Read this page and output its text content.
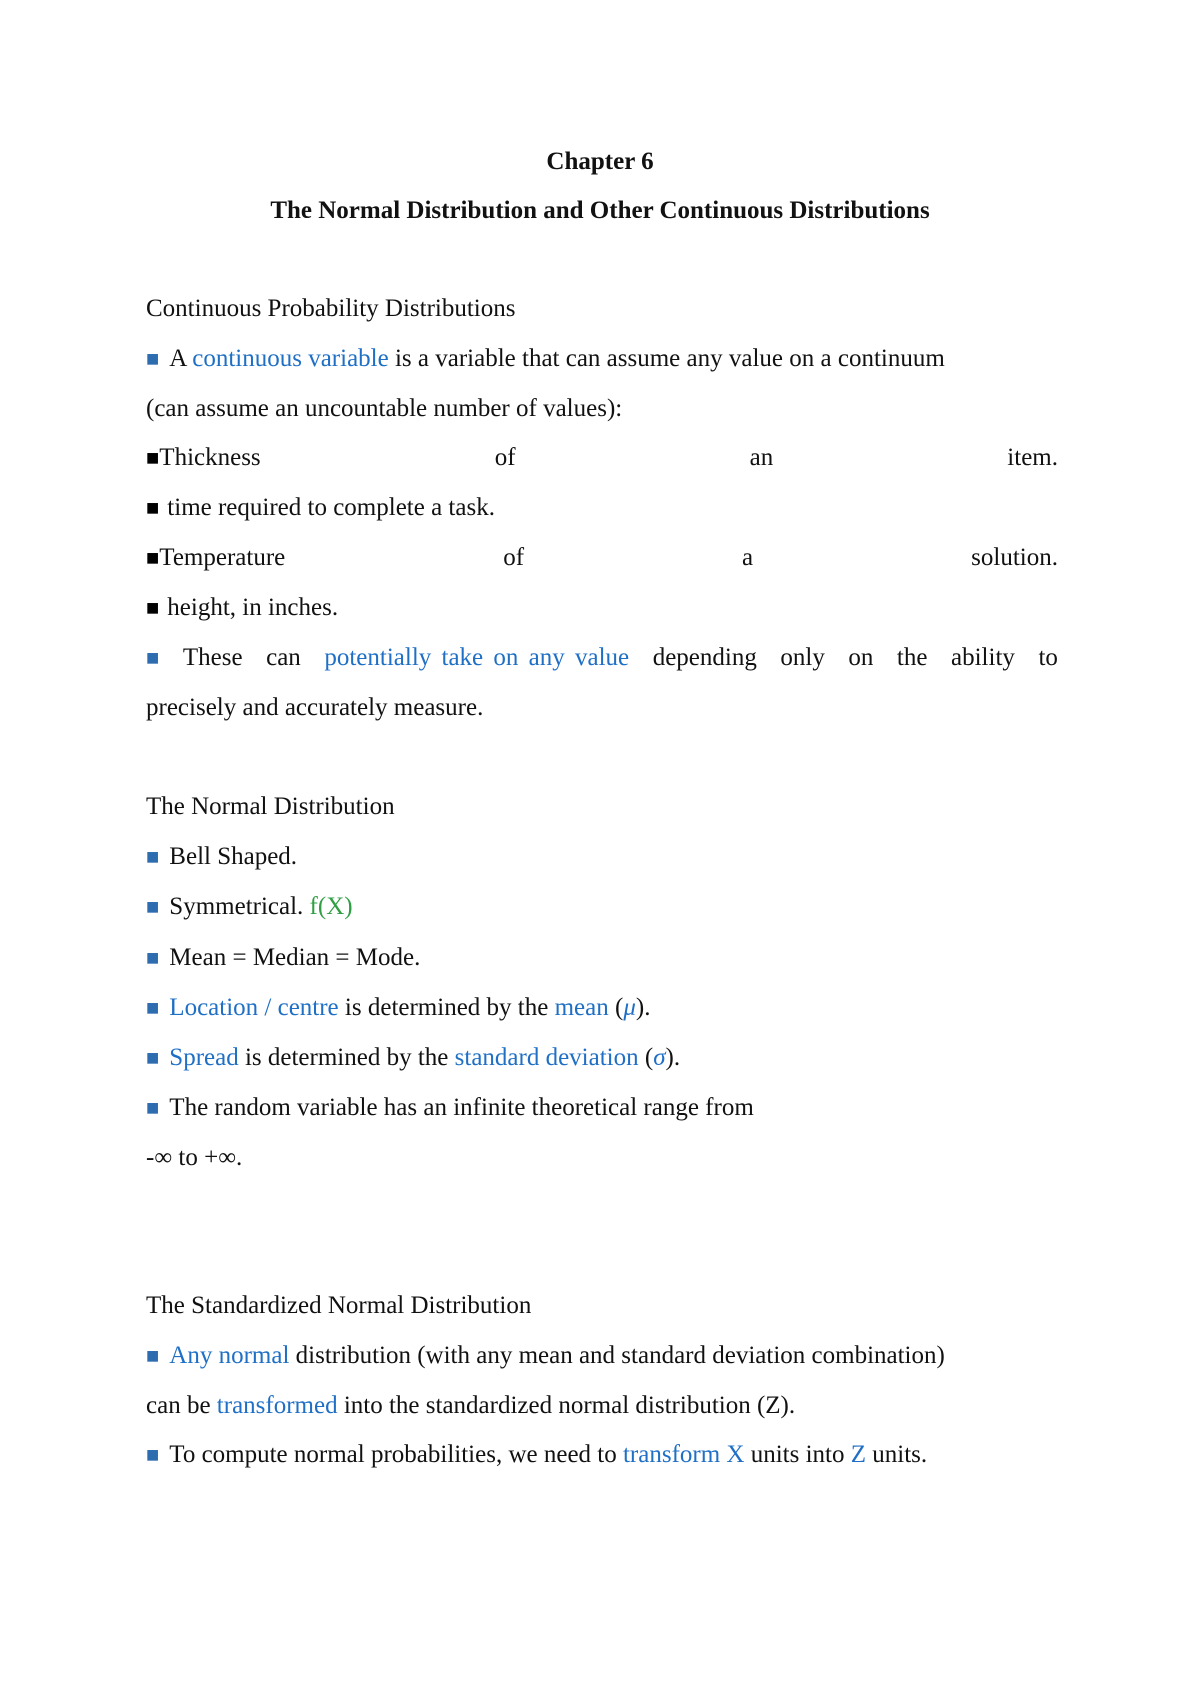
Chapter 6
The Normal Distribution and Other Continuous Distributions
Continuous Probability Distributions
■ A continuous variable is a variable that can assume any value on a continuum
(can assume an uncountable number of values):
■Thickness	of	an	item.
■ time required to complete a task.
■Temperature	of	a	solution.
■ height, in inches.
■ These can potentially take on any value depending only on the ability to
precisely and accurately measure.
The Normal Distribution
■ Bell Shaped.
■ Symmetrical. f(X)
■ Mean = Median = Mode.
■ Location / centre is determined by the mean (μ).
■ Spread is determined by the standard deviation (σ).
■ The random variable has an infinite theoretical range from
-∞ to +∞.
The Standardized Normal Distribution
■ Any normal distribution (with any mean and standard deviation combination)
can be transformed into the standardized normal distribution (Z).
■ To compute normal probabilities, we need to transform X units into Z units.
